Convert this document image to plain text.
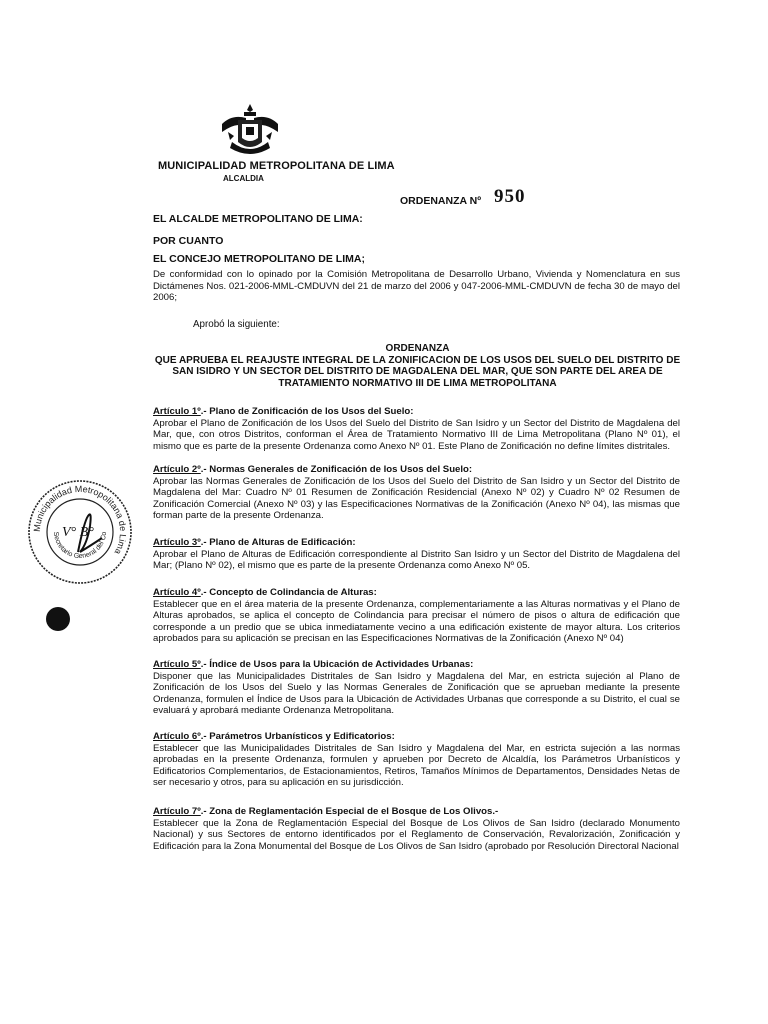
MUNICIPALIDAD METROPOLITANA DE LIMA
ALCALDIA
ORDENANZA Nº 950
EL ALCALDE METROPOLITANO DE LIMA:
POR CUANTO
EL CONCEJO METROPOLITANO DE LIMA;
De conformidad con lo opinado por la Comisión Metropolitana de Desarrollo Urbano, Vivienda y Nomenclatura en sus Dictámenes Nos. 021-2006-MML-CMDUVN del 21 de marzo del 2006 y 047-2006-MML-CMDUVN de fecha 30 de mayo del 2006;
Aprobó la siguiente:
ORDENANZA
QUE APRUEBA EL REAJUSTE INTEGRAL DE LA ZONIFICACION DE LOS USOS DEL SUELO DEL DISTRITO DE SAN ISIDRO Y UN SECTOR DEL DISTRITO DE MAGDALENA DEL MAR, QUE SON PARTE DEL AREA DE TRATAMIENTO NORMATIVO III DE LIMA METROPOLITANA
Artículo 1º.- Plano de Zonificación de los Usos del Suelo:
Aprobar el Plano de Zonificación de los Usos del Suelo del Distrito de San Isidro y un Sector del Distrito de Magdalena del Mar, que, con otros Distritos, conforman el Área de Tratamiento Normativo III de Lima Metropolitana (Plano Nº 01), el mismo que es parte de la presente Ordenanza como Anexo Nº 01. Este Plano de Zonificación no define límites distritales.
Artículo 2º.- Normas Generales de Zonificación de los Usos del Suelo:
Aprobar las Normas Generales de Zonificación de los Usos del Suelo del Distrito de San Isidro y un Sector del Distrito de Magdalena del Mar: Cuadro Nº 01 Resumen de Zonificación Residencial (Anexo Nº 02) y Cuadro Nº 02 Resumen de Zonificación Comercial (Anexo Nº 03) y las Especificaciones Normativas de la Zonificación (Anexo Nº 04), las mismas que forman parte de la presente Ordenanza.
Artículo 3º.- Plano de Alturas de Edificación:
Aprobar el Plano de Alturas de Edificación correspondiente al Distrito San Isidro y un Sector del Distrito de Magdalena del Mar; (Plano Nº 02), el mismo que es parte de la presente Ordenanza como Anexo Nº 05.
Artículo 4º.- Concepto de Colindancia de Alturas:
Establecer que en el área materia de la presente Ordenanza, complementariamente a las Alturas normativas y el Plano de Alturas aprobados, se aplica el concepto de Colindancia para precisar el número de pisos o altura de edificación que corresponde a un predio que se ubica inmediatamente vecino a una edificación existente de mayor altura. Los criterios aprobados para su aplicación se precisan en las Especificaciones Normativas de la Zonificación (Anexo Nº 04)
Artículo 5º.- Índice de Usos para la Ubicación de Actividades Urbanas:
Disponer que las Municipalidades Distritales de San Isidro y Magdalena del Mar, en estricta sujeción al Plano de Zonificación de los Usos del Suelo y las Normas Generales de Zonificación que se aprueban mediante la presente Ordenanza, formulen el Índice de Usos para la Ubicación de Actividades Urbanas que corresponde a su Distrito, el cual se evaluará y aprobará mediante Ordenanza Metropolitana.
Artículo 6º.- Parámetros Urbanísticos y Edificatorios:
Establecer que las Municipalidades Distritales de San Isidro y Magdalena del Mar, en estricta sujeción a las normas aprobadas en la presente Ordenanza, formulen y aprueben por Decreto de Alcaldía, los Parámetros Urbanísticos y Edificatorios Complementarios, de Estacionamientos, Retiros, Tamaños Mínimos de Departamentos, Densidades Netas de ser necesario y otros, para su aplicación en su jurisdicción.
Artículo 7º.- Zona de Reglamentación Especial de el Bosque de Los Olivos.-
Establecer que la Zona de Reglamentación Especial del Bosque de Los Olivos de San Isidro (declarado Monumento Nacional) y sus Sectores de entorno identificados por el Reglamento de Conservación, Revalorización, Zonificación y Edificación para la Zona Monumental del Bosque de Los Olivos de San Isidro (aprobado por Resolución Directoral Nacional
Municipalidad Metropolitana de Lima
Secretario General del Co
V° B°
